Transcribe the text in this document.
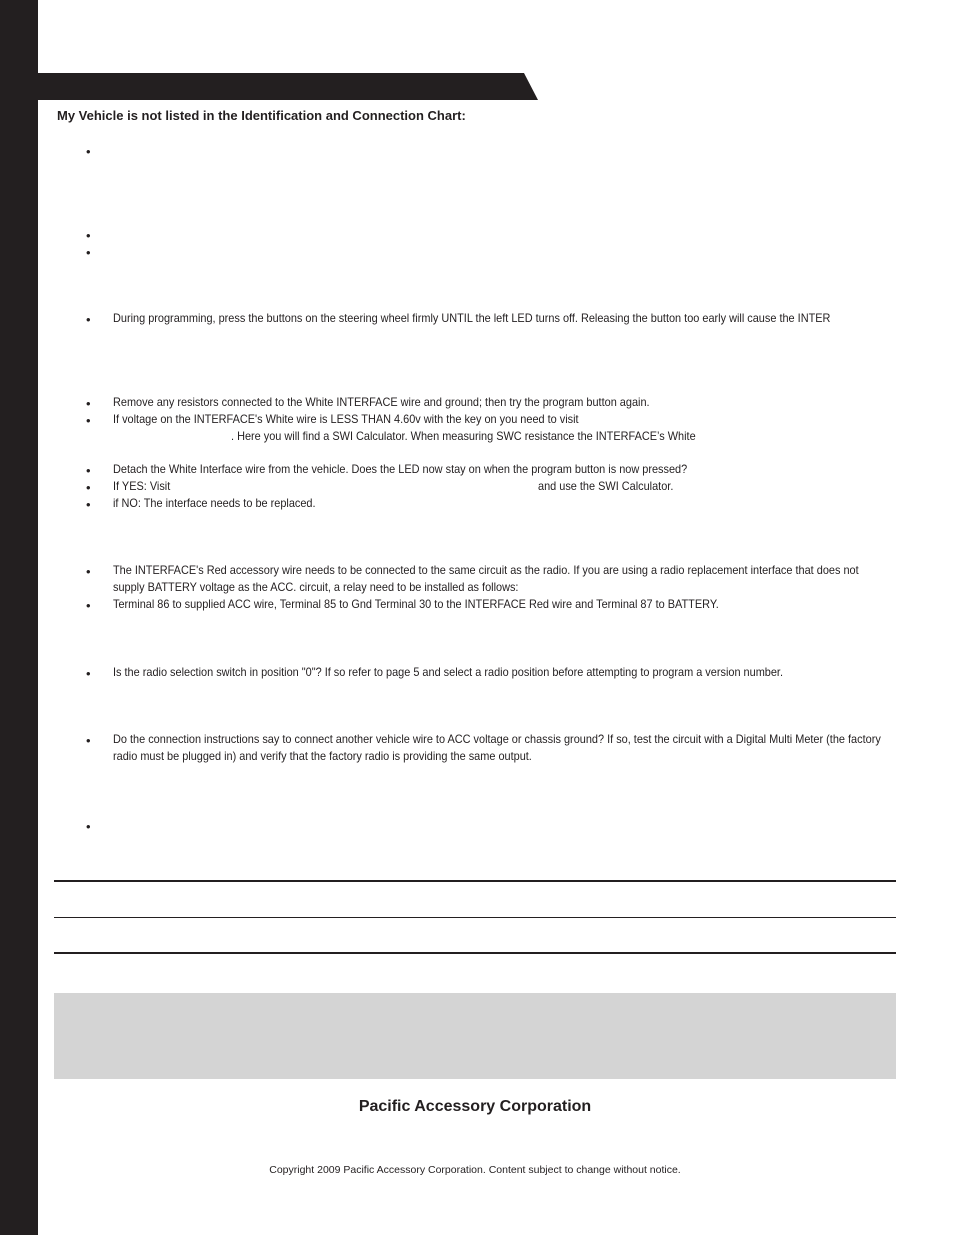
My Vehicle is not listed in the Identification and Connection Chart:
•
•
•
•	During programming, press the buttons on the steering wheel firmly UNTIL the left LED turns off. Releasing the button too early will cause the INTER
•	Remove any resistors connected to the White INTERFACE wire and ground; then try the program button again.
•	If voltage on the INTERFACE's White wire is LESS THAN 4.60v with the key on you need to visit
. Here you will find a SWI Calculator. When measuring SWC resistance the INTERFACE’s White
•	Detach the White Interface wire from the vehicle. Does the LED now stay on when the program button is now pressed?
•	If YES: Visit	and use the SWI Calculator.
•	if NO: The interface needs to be replaced.
•	The INTERFACE's Red accessory wire needs to be connected to the same circuit as the radio. If you are using a radio replacement interface that does not supply BATTERY voltage as the ACC. circuit, a relay need to be installed as follows:
•	Terminal 86 to supplied ACC wire, Terminal 85 to Gnd Terminal 30 to the INTERFACE Red wire and Terminal 87 to BATTERY.
•	Is the radio selection switch in position "0"? If so refer to page 5 and select a radio position before attempting to program a version number.
•	Do the connection instructions say to connect another vehicle wire to ACC voltage or chassis ground? If so, test the circuit with a Digital Multi Meter (the factory radio must be plugged in) and verify that the factory radio is providing the same output.
•

Pacific Accessory Corporation

Copyright 2009 Pacific Accessory Corporation. Content subject to change without notice.
